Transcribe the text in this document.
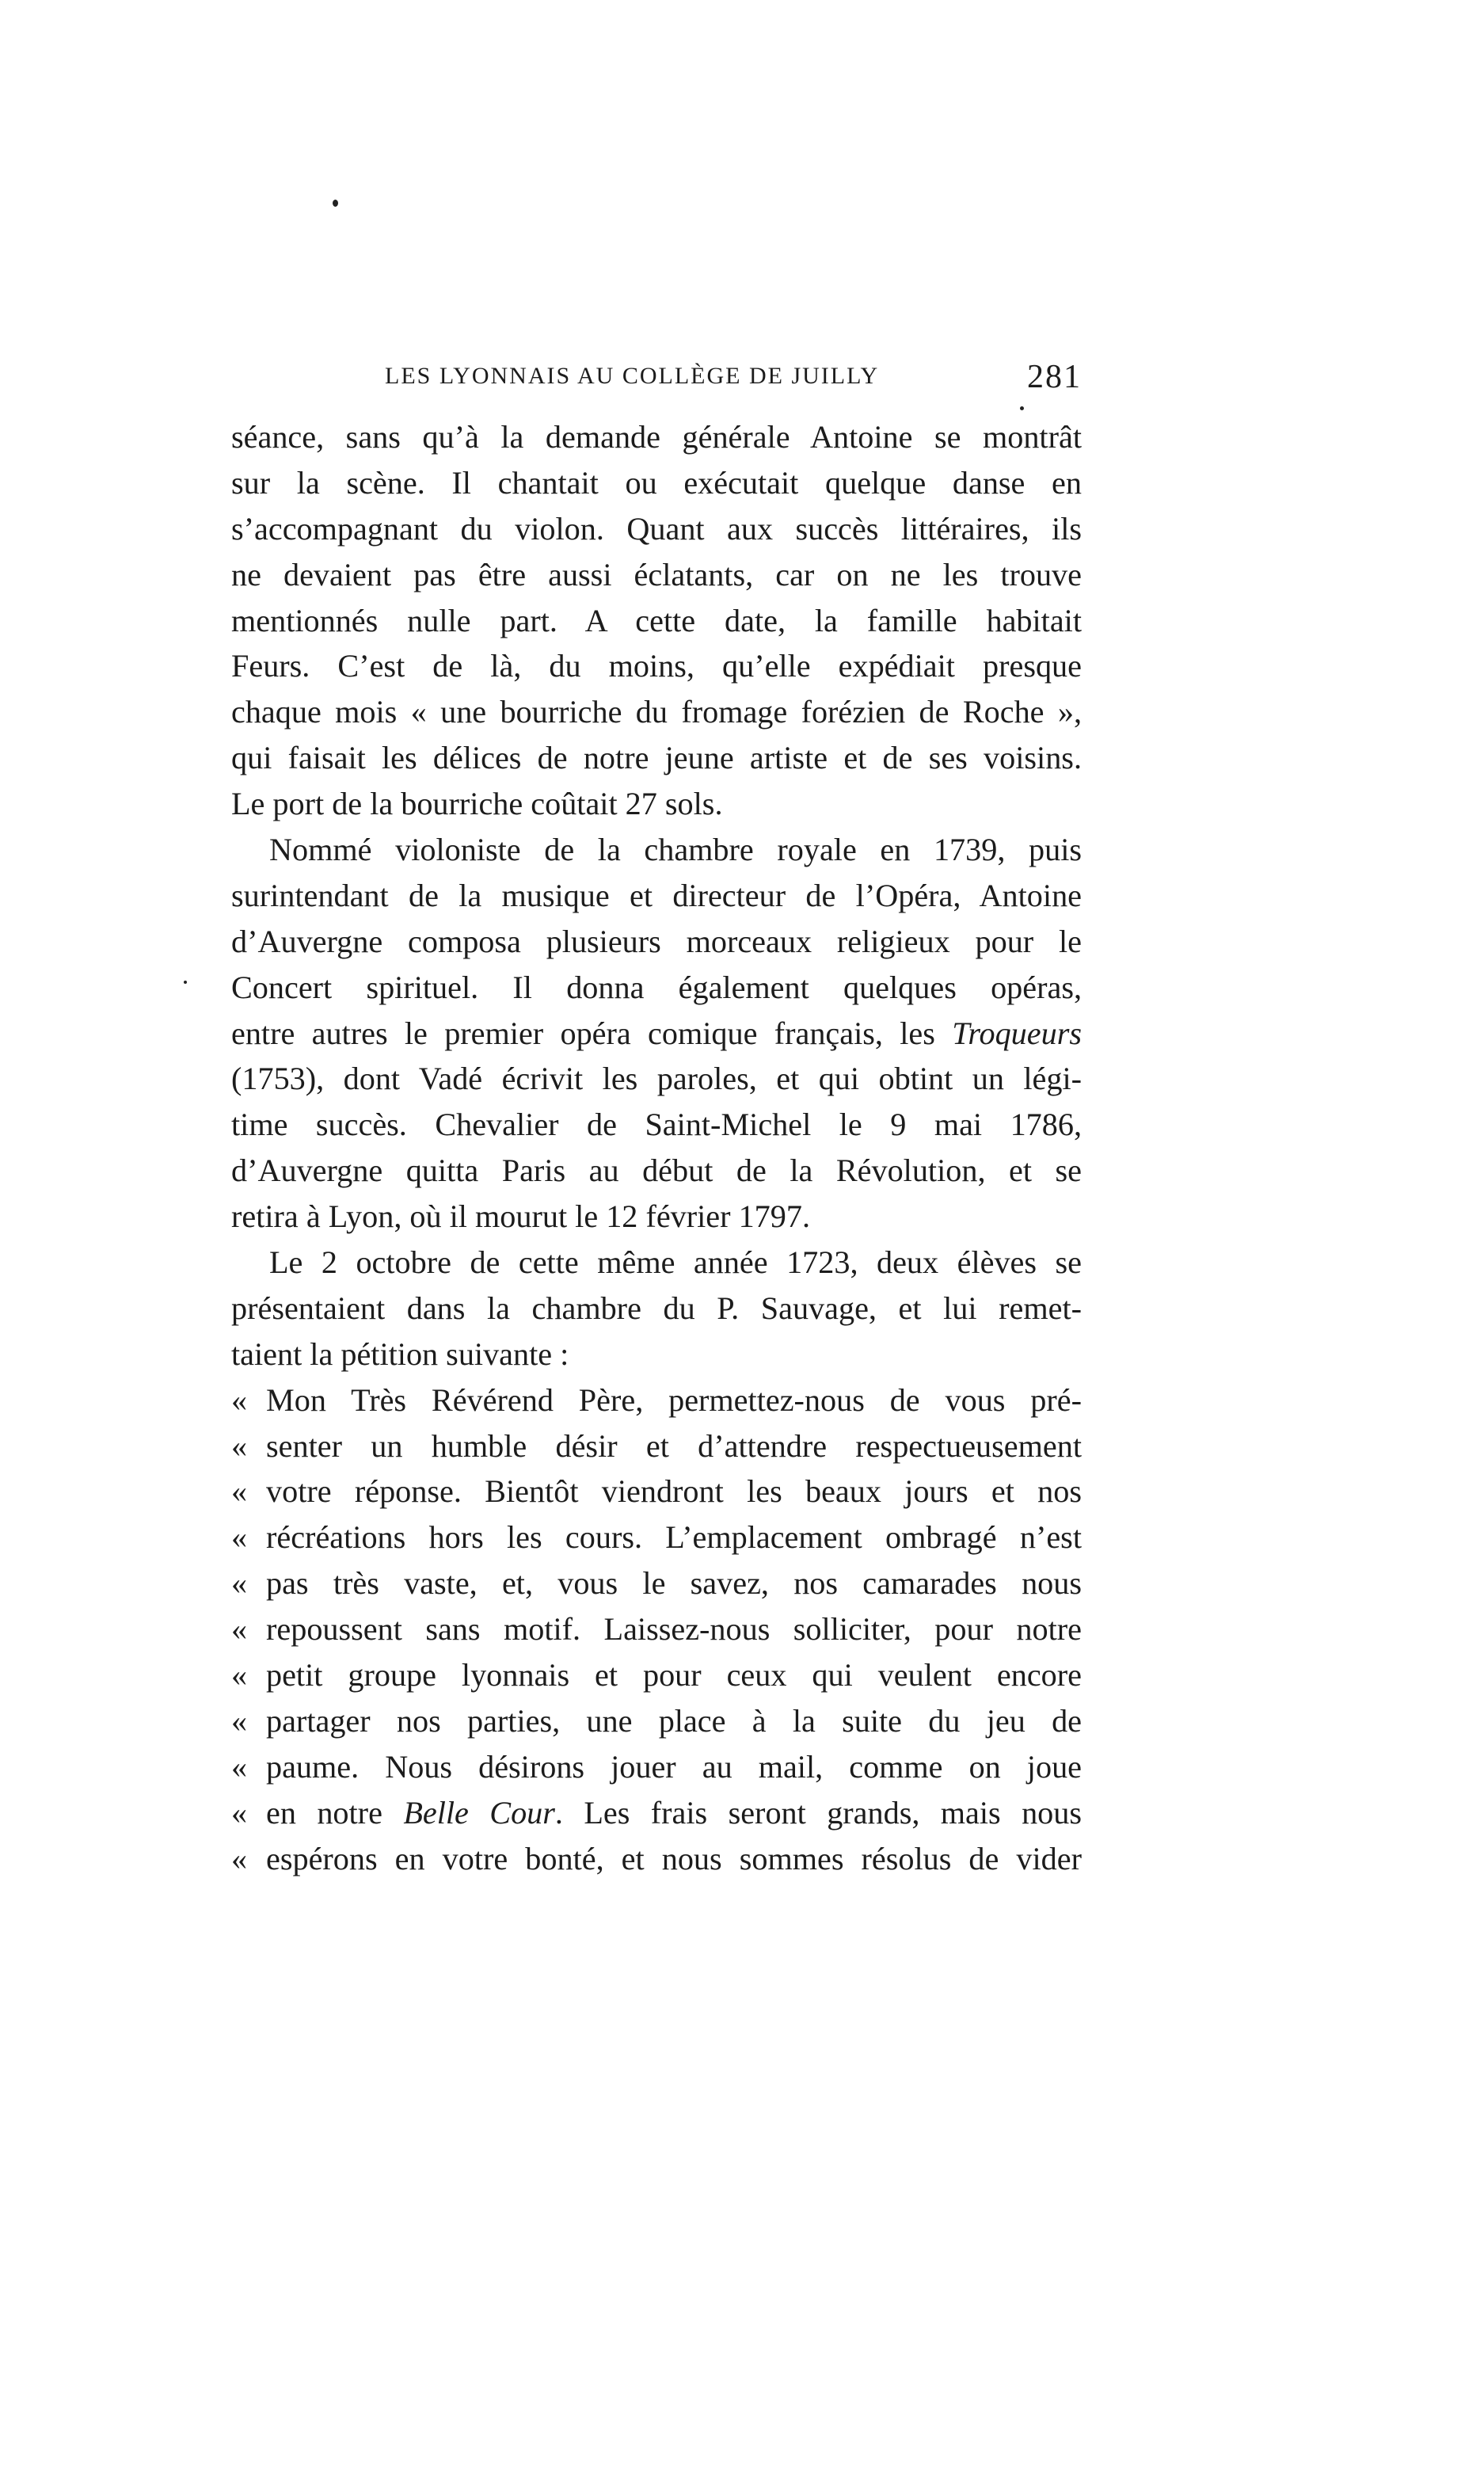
LES LYONNAIS AU COLLÈGE DE JUILLY	281
séance, sans qu’à la demande générale Antoine se montrât
sur la scène. Il chantait ou exécutait quelque danse en
s’accompagnant du violon. Quant aux succès littéraires, ils
ne devaient pas être aussi éclatants, car on ne les trouve
mentionnés nulle part. A cette date, la famille habitait
Feurs. C’est de là, du moins, qu’elle expédiait presque
chaque mois « une bourriche du fromage forézien de Roche »,
qui faisait les délices de notre jeune artiste et de ses voisins.
Le port de la bourriche coûtait 27 sols.
Nommé violoniste de la chambre royale en 1739, puis
surintendant de la musique et directeur de l’Opéra, Antoine
d’Auvergne composa plusieurs morceaux religieux pour le
Concert spirituel. Il donna également quelques opéras,
entre autres le premier opéra comique français, les Troqueurs
(1753), dont Vadé écrivit les paroles, et qui obtint un légi-
time succès. Chevalier de Saint-Michel le 9 mai 1786,
d’Auvergne quitta Paris au début de la Révolution, et se
retira à Lyon, où il mourut le 12 février 1797.
Le 2 octobre de cette même année 1723, deux élèves se
présentaient dans la chambre du P. Sauvage, et lui remet-
taient la pétition suivante :
« Mon Très Révérend Père, permettez-nous de vous pré-
« senter un humble désir et d’attendre respectueusement
« votre réponse. Bientôt viendront les beaux jours et nos
« récréations hors les cours. L’emplacement ombragé n’est
« pas très vaste, et, vous le savez, nos camarades nous
« repoussent sans motif. Laissez-nous solliciter, pour notre
« petit groupe lyonnais et pour ceux qui veulent encore
« partager nos parties, une place à la suite du jeu de
« paume. Nous désirons jouer au mail, comme on joue
« en notre Belle Cour. Les frais seront grands, mais nous
« espérons en votre bonté, et nous sommes résolus de vider
